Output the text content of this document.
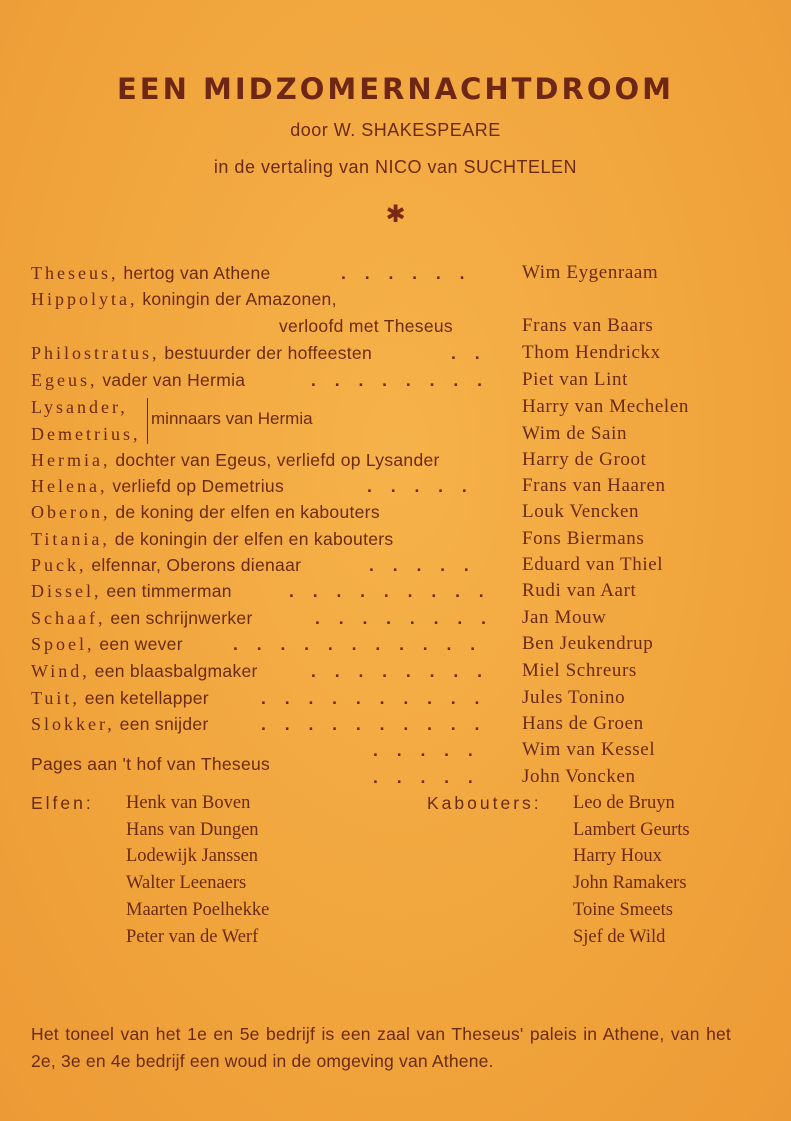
EEN MIDZOMERNACHTDROOM
door W. SHAKESPEARE
in de vertaling van NICO van SUCHTELEN
✱
Theseus, hertog van Athene	. . . . . .	Wim Eygenraam
Hippolyta, koningin der Amazonen,
verloofd met Theseus	Frans van Baars
Philostratus, bestuurder der hoffeesten	. . Thom Hendrickx
Egeus, vader van Hermia	. . . . . . . . Piet van Lint
Lysander,	Harry van Mechelen
Demetrius,	Wim de Sain
minnaars van Hermia
Hermia, dochter van Egeus, verliefd op Lysander	Harry de Groot
Helena, verliefd op Demetrius	. . . . .	Frans van Haaren
Oberon, de koning der elfen en kabouters	Louk Vencken
Titania, de koningin der elfen en kabouters	Fons Biermans
Puck, elfennar, Oberons dienaar	. . . . . Eduard van Thiel
Dissel, een timmerman	. . . . . . . . . Rudi van Aart
Schaaf, een schrijnwerker	. . . . . . . . Jan Mouw
Spoel, een wever	. . . . . . . . . . . Ben Jeukendrup
Wind, een blaasbalgmaker	. . . . . . . . Miel Schreurs
Tuit, een ketellapper	. . . . . . . . . . Jules Tonino
Slokker, een snijder	. . . . . . . . . . Hans de Groen
Pages aan 't hof van Theseus
. . . . . Wim van Kessel
. . . . . John Voncken
Elfen: Henk van Boven
Hans van Dungen
Lodewijk Janssen
Walter Leenaers
Maarten Poelhekke
Peter van de Werf
Kabouters: Leo de Bruyn
Lambert Geurts
Harry Houx
John Ramakers
Toine Smeets
Sjef de Wild
Het toneel van het 1e en 5e bedrijf is een zaal van Theseus' paleis in Athene, van het 2e, 3e en 4e bedrijf een woud in de omgeving van Athene.
